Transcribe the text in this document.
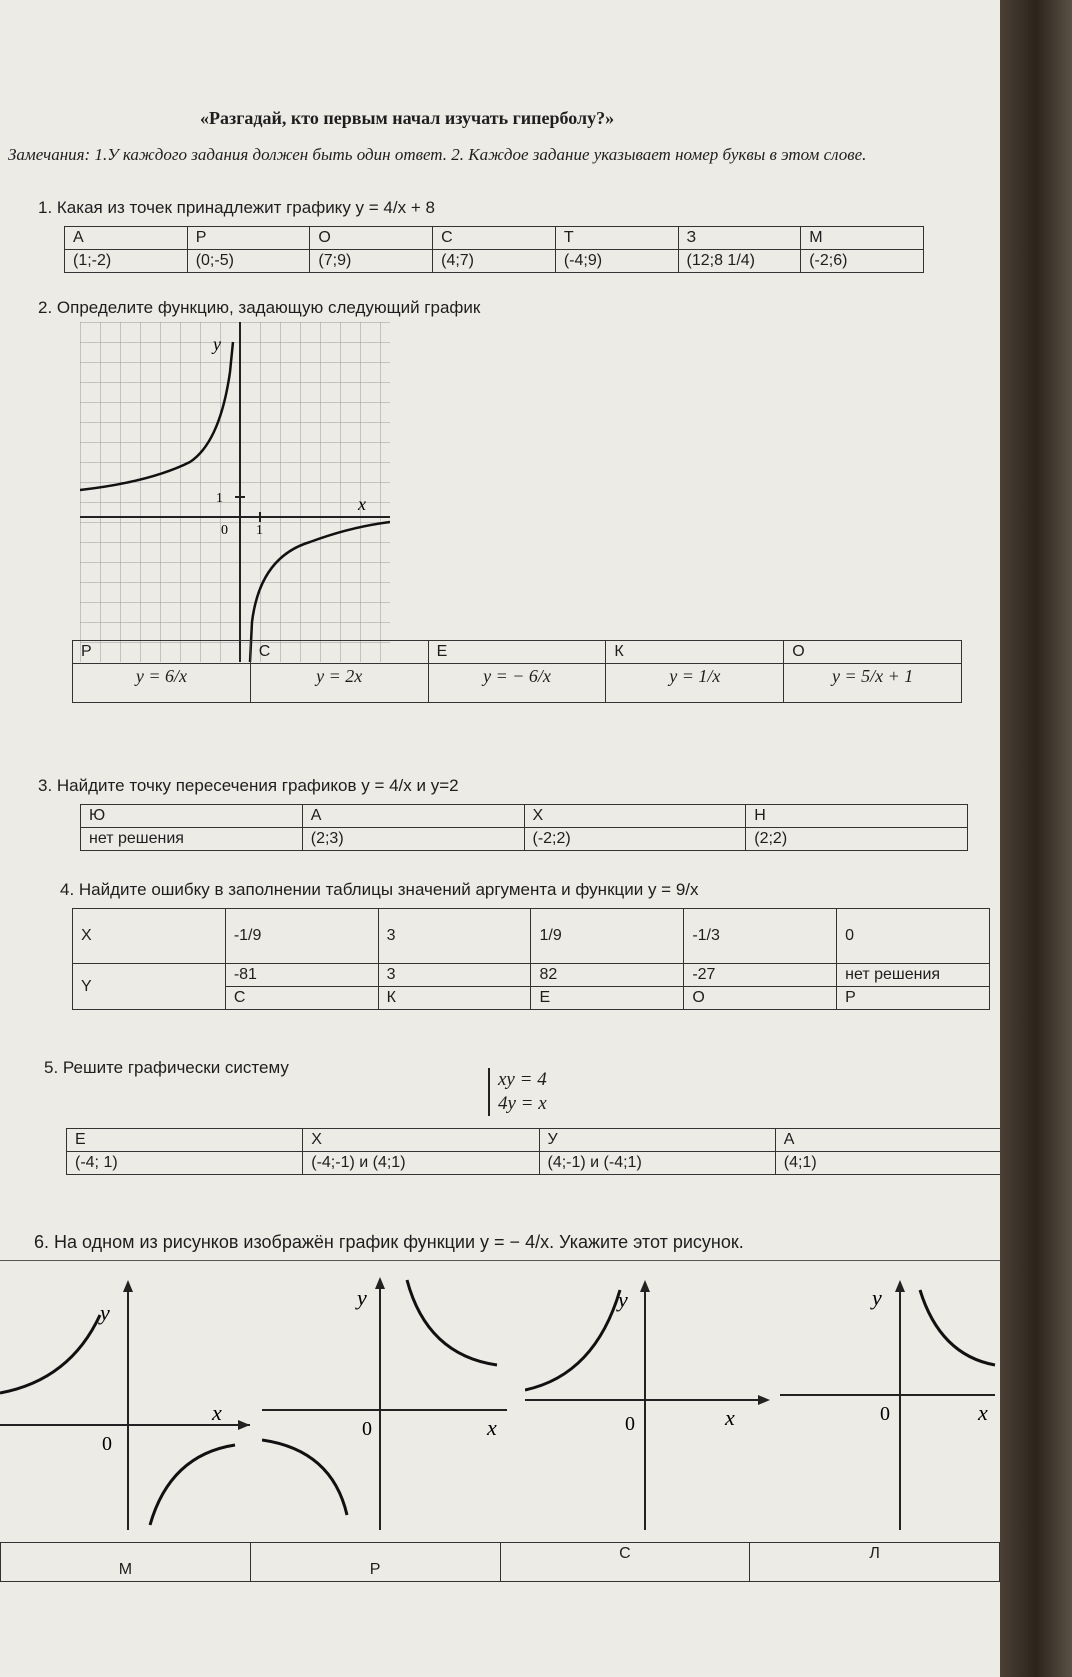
«Разгадай, кто первым начал изучать гиперболу?»
Замечания: 1.У каждого задания должен быть один ответ. 2. Каждое задание указывает номер буквы в этом слове.
1. Какая из точек принадлежит графику y = 4/x + 8
А	Р	О	С	Т	З	М
(1;-2)	(0;-5)	(7;9)	(4;7)	(-4;9)	(12;8 1/4)	(-2;6)
2. Определите функцию, задающую следующий график
y
x
1
0 1
Р	С	Е	К	О
y = 6/x	y = 2x	y = − 6/x	y = 1/x	y = 5/x + 1
3. Найдите точку пересечения графиков y = 4/x и y=2
Ю	А	Х	Н
нет решения	(2;3)	(-2;2)	(2;2)
4. Найдите ошибку в заполнении таблицы значений аргумента и функции y = 9/x
X	-1/9	3	1/9	-1/3	0
Y	-81	3	82	-27	нет решения
	С	К	Е	О	Р
5. Решите графически систему
xy = 4
4y = x
Е	Х	У	А
(-4; 1)	(-4;-1) и (4;1)	(4;-1) и (-4;1)	(4;1)
6. На одном из рисунков изображён график функции y = − 4/x. Укажите этот рисунок.
y
x
0
y
x
0
y
x
0
y
x
0
М	Р	С	Л
